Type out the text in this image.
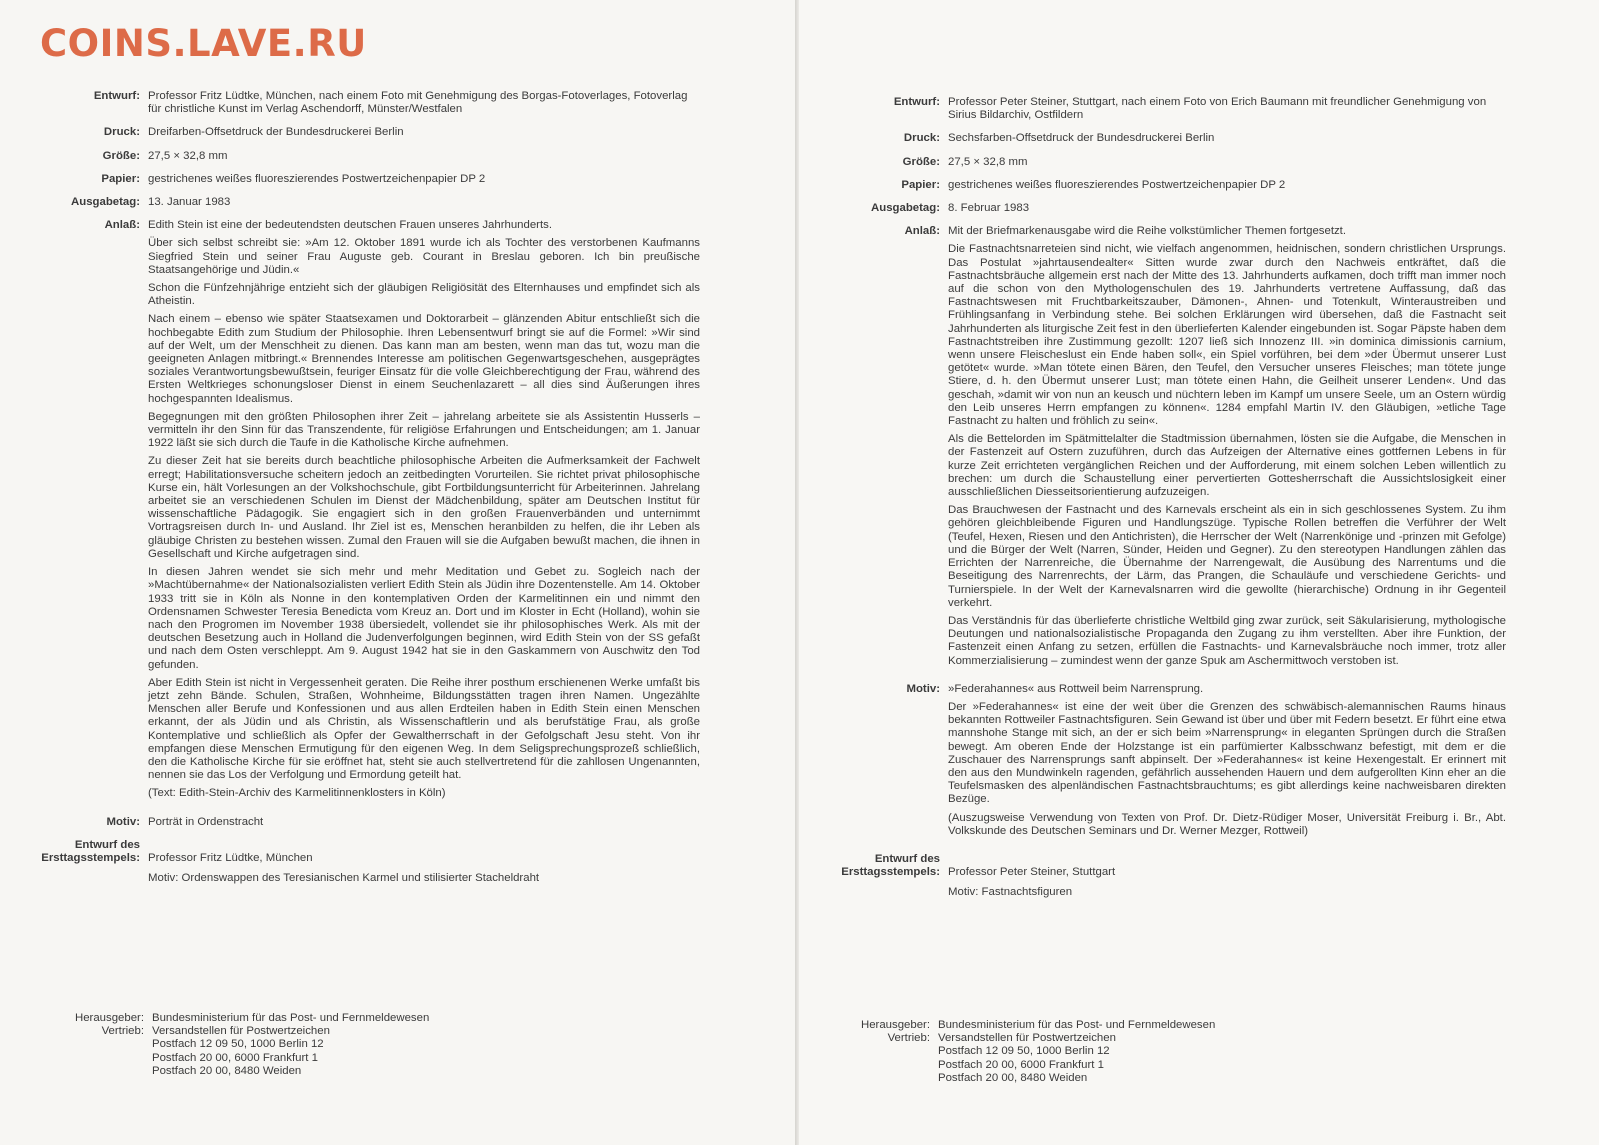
COINS.LAVE.RU
Entwurf: Professor Fritz Lüdtke, München, nach einem Foto mit Genehmigung des Borgas-Fotoverlages, Fotoverlag für christliche Kunst im Verlag Aschendorff, Münster/Westfalen
Druck: Dreifarben-Offsetdruck der Bundesdruckerei Berlin
Größe: 27,5 × 32,8 mm
Papier: gestrichenes weißes fluoreszierendes Postwertzeichenpapier DP 2
Ausgabetag: 13. Januar 1983
Anlaß: Edith Stein ist eine der bedeutendsten deutschen Frauen unseres Jahrhunderts.

Über sich selbst schreibt sie: »Am 12. Oktober 1891 wurde ich als Tochter des verstorbenen Kaufmanns Siegfried Stein und seiner Frau Auguste geb. Courant in Breslau geboren. Ich bin preußische Staatsangehörige und Jüdin.«

Schon die Fünfzehnjährige entzieht sich der gläubigen Religiösität des Elternhauses und empfindet sich als Atheistin.

Nach einem – ebenso wie später Staatsexamen und Doktorarbeit – glänzenden Abitur entschließt sich die hochbegabte Edith zum Studium der Philosophie. Ihren Lebensentwurf bringt sie auf die Formel: »Wir sind auf der Welt, um der Menschheit zu dienen. Das kann man am besten, wenn man das tut, wozu man die geeigneten Anlagen mitbringt.« Brennendes Interesse am politischen Gegenwartsgeschehen, ausgeprägtes soziales Verantwortungsbewußtsein, feuriger Einsatz für die volle Gleichberechtigung der Frau, während des Ersten Weltkrieges schonungsloser Dienst in einem Seuchenlazarett – all dies sind Äußerungen ihres hochgespannten Idealismus.

Begegnungen mit den größten Philosophen ihrer Zeit – jahrelang arbeitete sie als Assistentin Husserls – vermitteln ihr den Sinn für das Transzendente, für religiöse Erfahrungen und Entscheidungen; am 1. Januar 1922 läßt sie sich durch die Taufe in die Katholische Kirche aufnehmen.

Zu dieser Zeit hat sie bereits durch beachtliche philosophische Arbeiten die Aufmerksamkeit der Fachwelt erregt; Habilitationsversuche scheitern jedoch an zeitbedingten Vorurteilen. Sie richtet privat philosophische Kurse ein, hält Vorlesungen an der Volkshochschule, gibt Fortbildungsunterricht für Arbeiterinnen. Jahrelang arbeitet sie an verschiedenen Schulen im Dienst der Mädchenbildung, später am Deutschen Institut für wissenschaftliche Pädagogik. Sie engagiert sich in den großen Frauenverbänden und unternimmt Vortragsreisen durch In- und Ausland. Ihr Ziel ist es, Menschen heranbilden zu helfen, die ihr Leben als gläubige Christen zu bestehen wissen. Zumal den Frauen will sie die Aufgaben bewußt machen, die ihnen in Gesellschaft und Kirche aufgetragen sind.

In diesen Jahren wendet sie sich mehr und mehr Meditation und Gebet zu. Sogleich nach der »Machtübernahme« der Nationalsozialisten verliert Edith Stein als Jüdin ihre Dozentenstelle. Am 14. Oktober 1933 tritt sie in Köln als Nonne in den kontemplativen Orden der Karmelitinnen ein und nimmt den Ordensnamen Schwester Teresia Benedicta vom Kreuz an. Dort und im Kloster in Echt (Holland), wohin sie nach den Progromen im November 1938 übersiedelt, vollendet sie ihr philosophisches Werk. Als mit der deutschen Besetzung auch in Holland die Judenverfolgungen beginnen, wird Edith Stein von der SS gefaßt und nach dem Osten verschleppt. Am 9. August 1942 hat sie in den Gaskammern von Auschwitz den Tod gefunden.

Aber Edith Stein ist nicht in Vergessenheit geraten. Die Reihe ihrer posthum erschienenen Werke umfaßt bis jetzt zehn Bände. Schulen, Straßen, Wohnheime, Bildungsstätten tragen ihren Namen. Ungezählte Menschen aller Berufe und Konfessionen und aus allen Erdteilen haben in Edith Stein einen Menschen erkannt, der als Jüdin und als Christin, als Wissenschaftlerin und als berufstätige Frau, als große Kontemplative und schließlich als Opfer der Gewaltherrschaft in der Gefolgschaft Jesu steht. Von ihr empfangen diese Menschen Ermutigung für den eigenen Weg. In dem Seligsprechungsprozeß schließlich, den die Katholische Kirche für sie eröffnet hat, steht sie auch stellvertretend für die zahllosen Ungenannten, nennen sie das Los der Verfolgung und Ermordung geteilt hat.

(Text: Edith-Stein-Archiv des Karmelitinnenklosters in Köln)

Motiv: Porträt in Ordenstracht
Entwurf des
Ersttagsstempels: Professor Fritz Lüdtke, München

Motiv: Ordenswappen des Teresianischen Karmel und stilisierter Stacheldraht

Herausgeber:
Vertrieb:
Bundesministerium für das Post- und Fernmeldewesen
Versandstellen für Postwertzeichen
Postfach 12 09 50, 1000 Berlin 12
Postfach 20 00, 6000 Frankfurt 1
Postfach 20 00, 8480 Weiden
Entwurf: Professor Peter Steiner, Stuttgart, nach einem Foto von Erich Baumann mit freundlicher Genehmigung von Sirius Bildarchiv, Ostfildern
Druck: Sechsfarben-Offsetdruck der Bundesdruckerei Berlin
Größe: 27,5 × 32,8 mm
Papier: gestrichenes weißes fluoreszierendes Postwertzeichenpapier DP 2
Ausgabetag: 8. Februar 1983
Anlaß: Mit der Briefmarkenausgabe wird die Reihe volkstümlicher Themen fortgesetzt.

Die Fastnachtsnarreteien sind nicht, wie vielfach angenommen, heidnischen, sondern christlichen Ursprungs. Das Postulat »jahrtausendealter« Sitten wurde zwar durch den Nachweis entkräftet, daß die Fastnachtsbräuche allgemein erst nach der Mitte des 13. Jahrhunderts aufkamen, doch trifft man immer noch auf die schon von den Mythologenschulen des 19. Jahrhunderts vertretene Auffassung, daß das Fastnachtswesen mit Fruchtbarkeitszauber, Dämonen-, Ahnen- und Totenkult, Winteraustreiben und Frühlingsanfang in Verbindung stehe. Bei solchen Erklärungen wird übersehen, daß die Fastnacht seit Jahrhunderten als liturgische Zeit fest in den überlieferten Kalender eingebunden ist. Sogar Päpste haben dem Fastnachtstreiben ihre Zustimmung gezollt: 1207 ließ sich Innozenz III. »in dominica dimissionis carnium, wenn unsere Fleischeslust ein Ende haben soll«, ein Spiel vorführen, bei dem »der Übermut unserer Lust getötet« wurde. »Man tötete einen Bären, den Teufel, den Versucher unseres Fleisches; man tötete junge Stiere, d. h. den Übermut unserer Lust; man tötete einen Hahn, die Geilheit unserer Lenden«. Und das geschah, »damit wir von nun an keusch und nüchtern leben im Kampf um unsere Seele, um an Ostern würdig den Leib unseres Herrn empfangen zu können«. 1284 empfahl Martin IV. den Gläubigen, »etliche Tage Fastnacht zu halten und fröhlich zu sein«.

Als die Bettelorden im Spätmittelalter die Stadtmission übernahmen, lösten sie die Aufgabe, die Menschen in der Fastenzeit auf Ostern zuzuführen, durch das Aufzeigen der Alternative eines gottfernen Lebens in für kurze Zeit errichteten vergänglichen Reichen und der Aufforderung, mit einem solchen Leben willentlich zu brechen: um durch die Schaustellung einer pervertierten Gottesherrschaft die Aussichtslosigkeit einer ausschließlichen Diesseitsorientierung aufzuzeigen.

Das Brauchwesen der Fastnacht und des Karnevals erscheint als ein in sich geschlossenes System. Zu ihm gehören gleichbleibende Figuren und Handlungszüge. Typische Rollen betreffen die Verführer der Welt (Teufel, Hexen, Riesen und den Antichristen), die Herrscher der Welt (Narrenkönige und -prinzen mit Gefolge) und die Bürger der Welt (Narren, Sünder, Heiden und Gegner). Zu den stereotypen Handlungen zählen das Errichten der Narrenreiche, die Übernahme der Narrengewalt, die Ausübung des Narrentums und die Beseitigung des Narrenrechts, der Lärm, das Prangen, die Schauläufe und verschiedene Gerichts- und Turnierspiele. In der Welt der Karnevalsnarren wird die gewollte (hierarchische) Ordnung in ihr Gegenteil verkehrt.

Das Verständnis für das überlieferte christliche Weltbild ging zwar zurück, seit Säkularisierung, mythologische Deutungen und nationalsozialistische Propaganda den Zugang zu ihm verstellten. Aber ihre Funktion, der Fastenzeit einen Anfang zu setzen, erfüllen die Fastnachts- und Karnevalsbräuche noch immer, trotz aller Kommerzialisierung – zumindest wenn der ganze Spuk am Aschermittwoch verstoben ist.

Motiv: »Federahannes« aus Rottweil beim Narrensprung.

Der »Federahannes« ist eine der weit über die Grenzen des schwäbisch-alemannischen Raums hinaus bekannten Rottweiler Fastnachtsfiguren. Sein Gewand ist über und über mit Federn besetzt. Er führt eine etwa mannshohe Stange mit sich, an der er sich beim »Narrensprung« in eleganten Sprüngen durch die Straßen bewegt. Am oberen Ende der Holzstange ist ein parfümierter Kalbsschwanz befestigt, mit dem er die Zuschauer des Narrensprungs sanft abpinselt. Der »Federahannes« ist keine Hexengestalt. Er erinnert mit den aus den Mundwinkeln ragenden, gefährlich aussehenden Hauern und dem aufgerollten Kinn eher an die Teufelsmasken des alpenländischen Fastnachtsbrauchtums; es gibt allerdings keine nachweisbaren direkten Bezüge.

(Auszugsweise Verwendung von Texten von Prof. Dr. Dietz-Rüdiger Moser, Universität Freiburg i. Br., Abt. Volkskunde des Deutschen Seminars und Dr. Werner Mezger, Rottweil)

Entwurf des
Ersttagsstempels: Professor Peter Steiner, Stuttgart

Motiv: Fastnachtsfiguren

Herausgeber:
Vertrieb:
Bundesministerium für das Post- und Fernmeldewesen
Versandstellen für Postwertzeichen
Postfach 12 09 50, 1000 Berlin 12
Postfach 20 00, 6000 Frankfurt 1
Postfach 20 00, 8480 Weiden
